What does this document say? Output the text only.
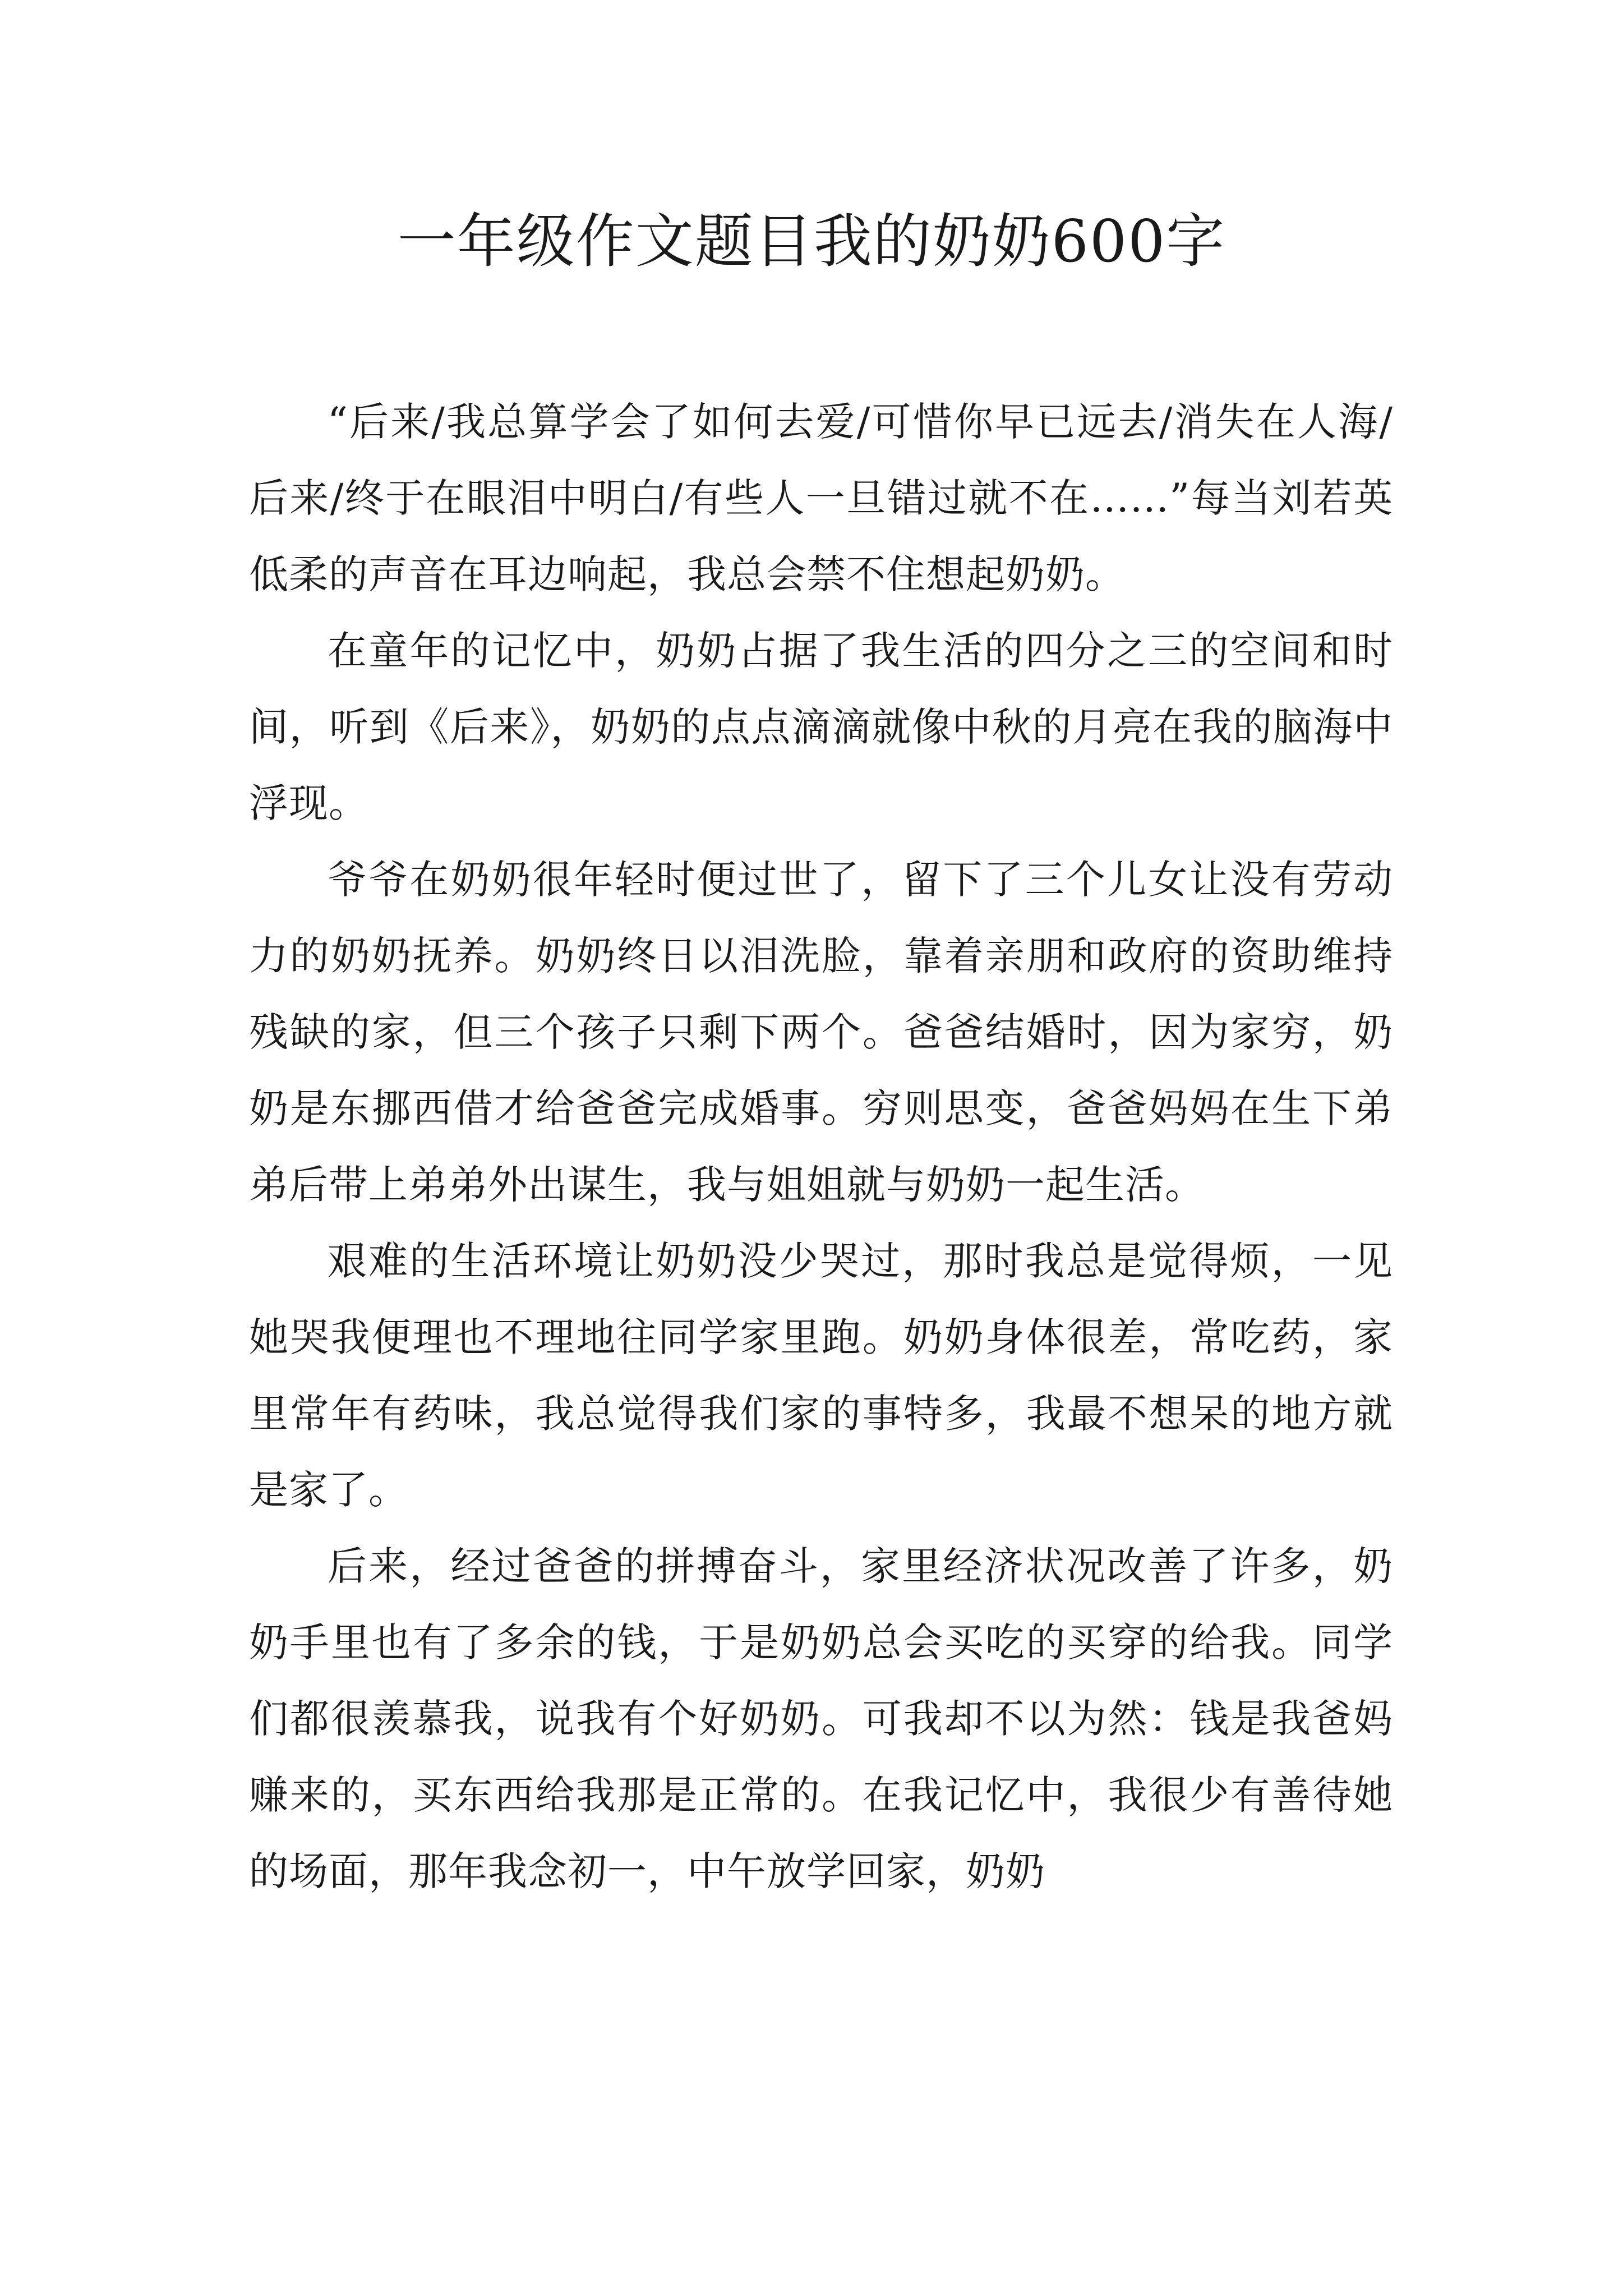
一年级作文题目我的奶奶600字

“后来/我总算学会了如何去爱/可惜你早已远去/消失在人海/后来/终于在眼泪中明白/有些人一旦错过就不在……”每当刘若英低柔的声音在耳边响起，我总会禁不住想起奶奶。

在童年的记忆中，奶奶占据了我生活的四分之三的空间和时间，听到《后来》，奶奶的点点滴滴就像中秋的月亮在我的脑海中浮现。

爷爷在奶奶很年轻时便过世了，留下了三个儿女让没有劳动力的奶奶抚养。奶奶终日以泪洗脸，靠着亲朋和政府的资助维持残缺的家，但三个孩子只剩下两个。爸爸结婚时，因为家穷，奶奶是东挪西借才给爸爸完成婚事。穷则思变，爸爸妈妈在生下弟弟后带上弟弟外出谋生，我与姐姐就与奶奶一起生活。

艰难的生活环境让奶奶没少哭过，那时我总是觉得烦，一见她哭我便理也不理地往同学家里跑。奶奶身体很差，常吃药，家里常年有药味，我总觉得我们家的事特多，我最不想呆的地方就是家了。

后来，经过爸爸的拼搏奋斗，家里经济状况改善了许多，奶奶手里也有了多余的钱，于是奶奶总会买吃的买穿的给我。同学们都很羡慕我，说我有个好奶奶。可我却不以为然：钱是我爸妈赚来的，买东西给我那是正常的。在我记忆中，我很少有善待她的场面，那年我念初一，中午放学回家，奶奶
